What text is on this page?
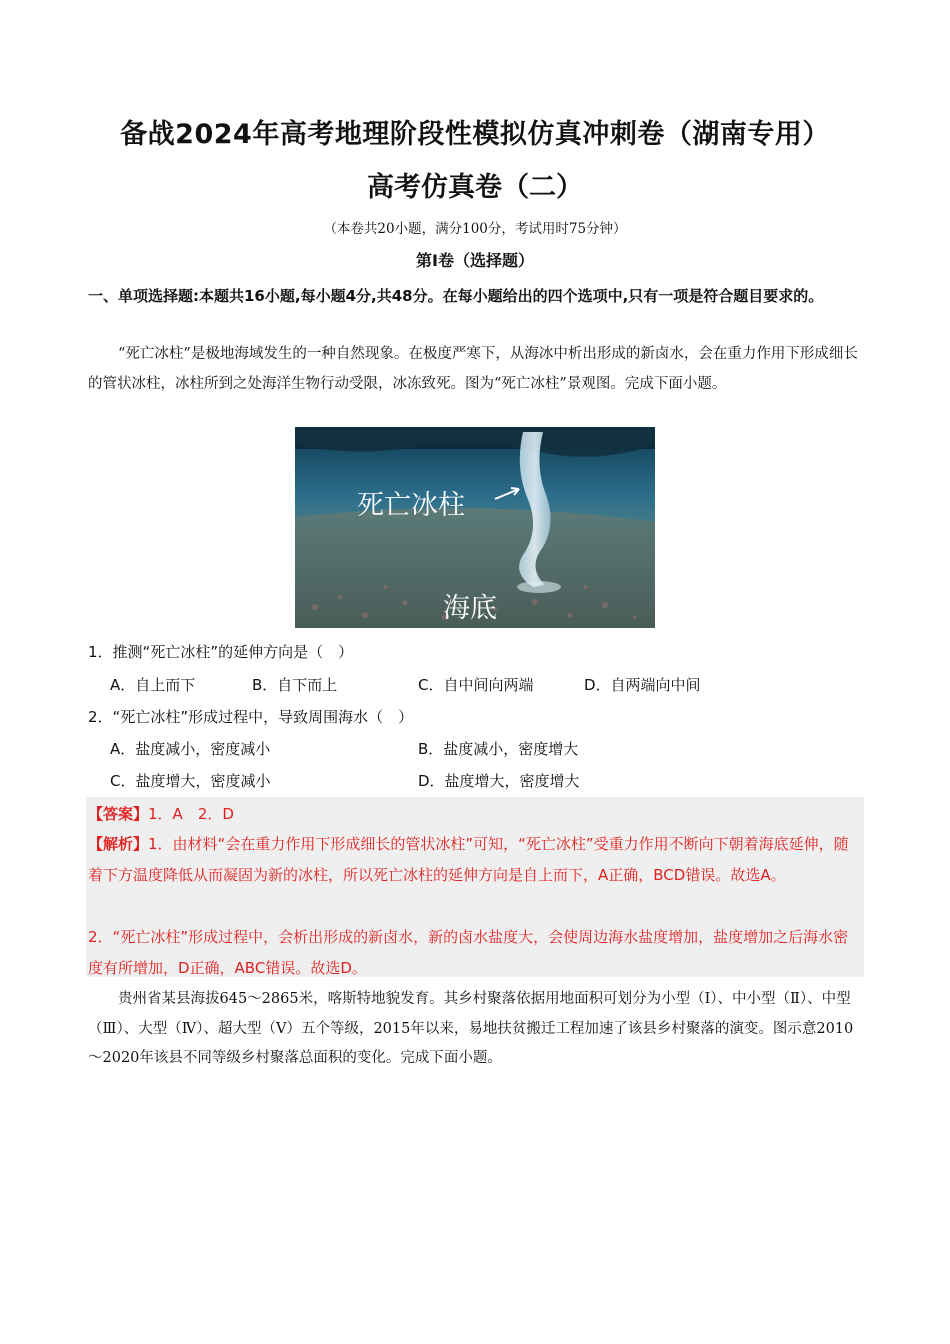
备战2024年高考地理阶段性模拟仿真冲刺卷（湖南专用）
高考仿真卷（二）
（本卷共20小题，满分100分，考试用时75分钟）
第Ⅰ卷（选择题）
一、单项选择题:本题共16小题,每小题4分,共48分。在每小题给出的四个选项中,只有一项是符合题目要求的。
“死亡冰柱”是极地海域发生的一种自然现象。在极度严寒下，从海冰中析出形成的新卤水，会在重力作用下形成细长的管状冰柱，冰柱所到之处海洋生物行动受限，冰冻致死。图为“死亡冰柱”景观图。完成下面小题。
死亡冰柱
海底
1．推测“死亡冰柱”的延伸方向是（　）
A．自上而下	B．自下而上	C．自中间向两端	D．自两端向中间
2．“死亡冰柱”形成过程中，导致周围海水（　）
A．盐度减小，密度减小	B．盐度减小，密度增大
C．盐度增大，密度减小	D．盐度增大，密度增大
【答案】1．A　2．D
【解析】1．由材料“会在重力作用下形成细长的管状冰柱”可知，“死亡冰柱”受重力作用不断向下朝着海底延伸，随着下方温度降低从而凝固为新的冰柱，所以死亡冰柱的延伸方向是自上而下，A正确，BCD错误。故选A。
2．“死亡冰柱”形成过程中，会析出形成的新卤水，新的卤水盐度大，会使周边海水盐度增加，盐度增加之后海水密度有所增加，D正确，ABC错误。故选D。
贵州省某县海拔645～2865米，喀斯特地貌发育。其乡村聚落依据用地面积可划分为小型（Ⅰ）、中小型（Ⅱ）、中型（Ⅲ）、大型（Ⅳ）、超大型（Ⅴ）五个等级，2015年以来，易地扶贫搬迁工程加速了该县乡村聚落的演变。图示意2010～2020年该县不同等级乡村聚落总面积的变化。完成下面小题。
